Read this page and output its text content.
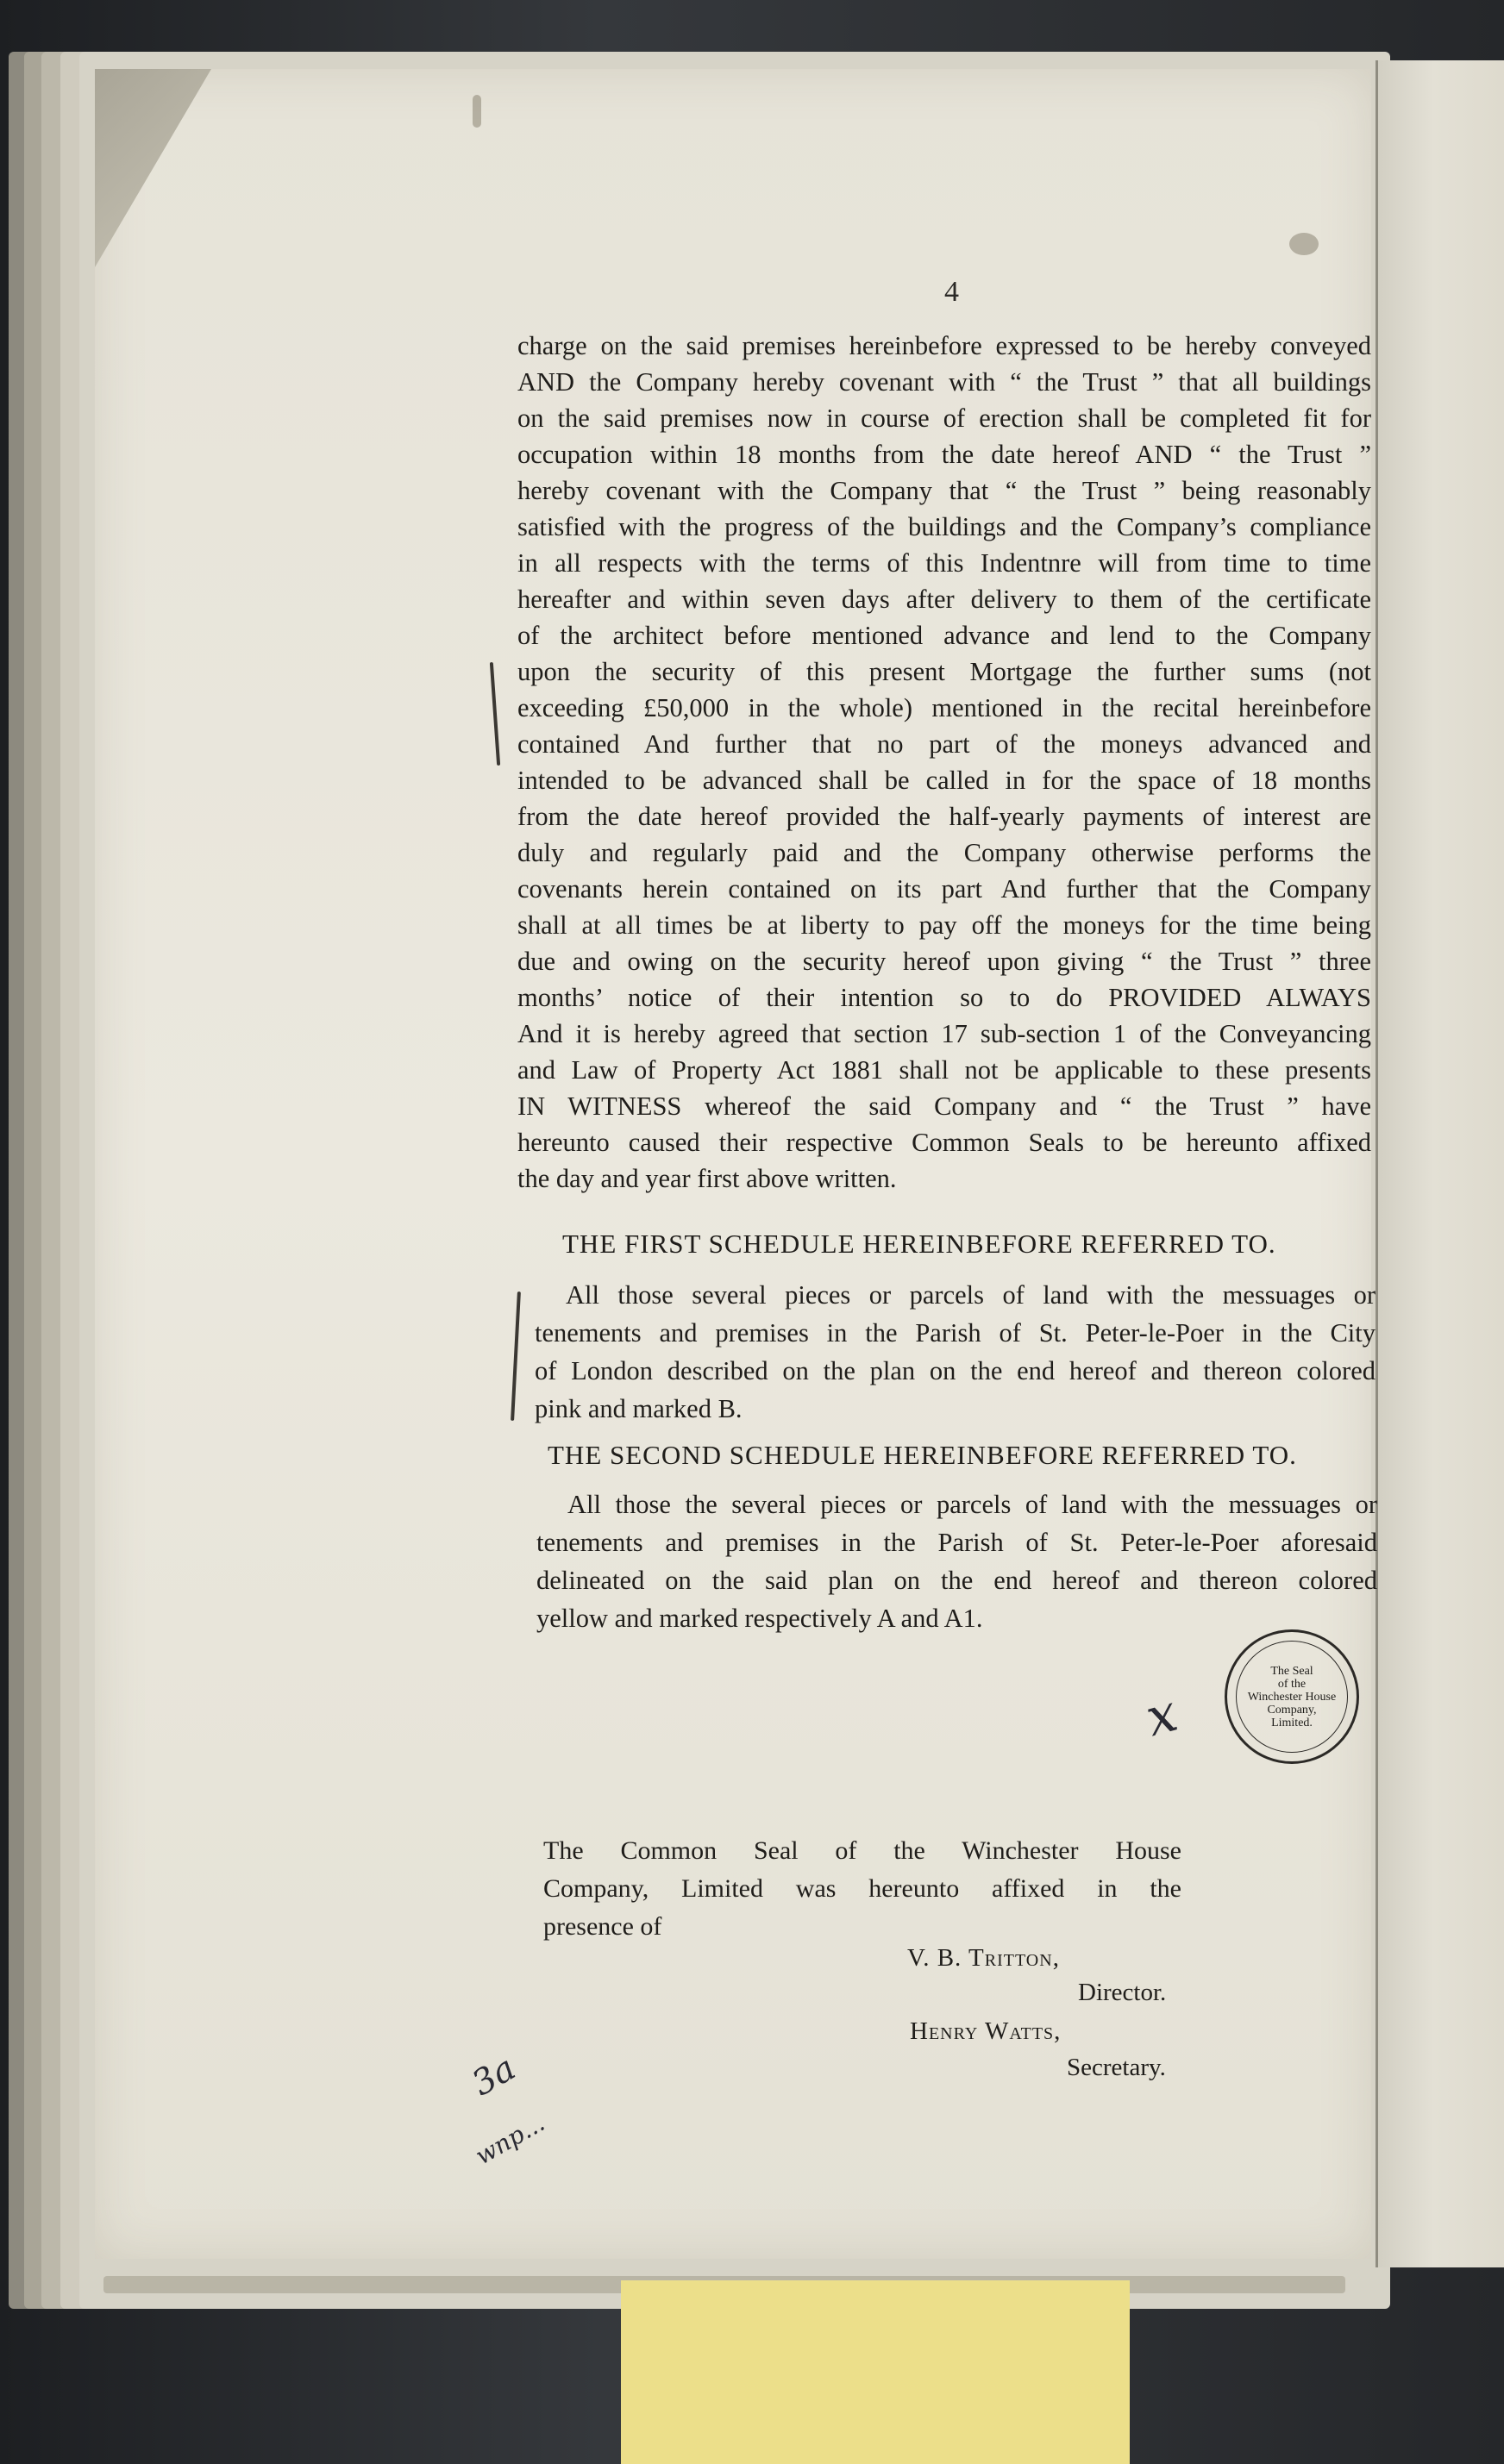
4
charge on the said premises hereinbefore expressed to be hereby conveyed
AND the Company hereby covenant with “ the Trust ” that all buildings
on the said premises now in course of erection shall be completed fit for
occupation within 18 months from the date hereof AND “ the Trust ”
hereby covenant with the Company that “ the Trust ” being reasonably
satisfied with the progress of the buildings and the Company’s compliance
in all respects with the terms of this Indentnre will from time to time
hereafter and within seven days after delivery to them of the certificate
of the architect before mentioned advance and lend to the Company
upon the security of this present Mortgage the further sums (not
exceeding £50,000 in the whole) mentioned in the recital hereinbefore
contained And further that no part of the moneys advanced and
intended to be advanced shall be called in for the space of 18 months
from the date hereof provided the half-yearly payments of interest are
duly and regularly paid and the Company otherwise performs the
covenants herein contained on its part And further that the Company
shall at all times be at liberty to pay off the moneys for the time being
due and owing on the security hereof upon giving “ the Trust ” three
months’ notice of their intention so to do PROVIDED ALWAYS
And it is hereby agreed that section 17 sub-section 1 of the Conveyancing
and Law of Property Act 1881 shall not be applicable to these presents
IN WITNESS whereof the said Company and “ the Trust ” have
hereunto caused their respective Common Seals to be hereunto affixed
the day and year first above written.
THE FIRST SCHEDULE HEREINBEFORE REFERRED TO.
All those several pieces or parcels of land with the messuages or
tenements and premises in the Parish of St. Peter-le-Poer in the City
of London described on the plan on the end hereof and thereon colored
pink and marked B.
THE SECOND SCHEDULE HEREINBEFORE REFERRED TO.
All those the several pieces or parcels of land with the messuages or
tenements and premises in the Parish of St. Peter-le-Poer aforesaid
delineated on the said plan on the end hereof and thereon colored
yellow and marked respectively A and A1.
x
The Seal
of the
Winchester House
Company,
Limited.
The Common Seal of the Winchester House
Company, Limited was hereunto affixed in the
presence of
V. B. Tritton,
Director.
Henry Watts,
Secretary.
3a
wnp...
